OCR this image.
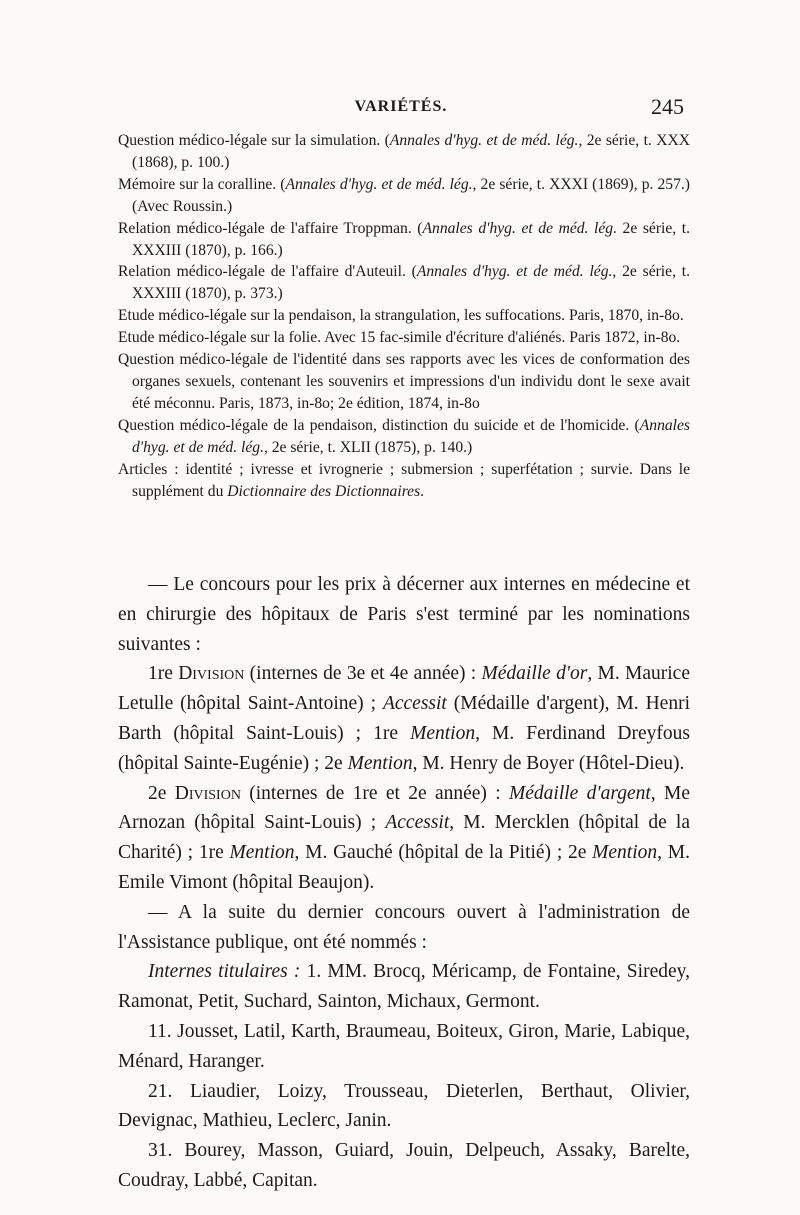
VARIÉTÉS.	245

Question médico-légale sur la simulation. (Annales d'hyg. et de méd. lég., 2e série, t. XXX (1868), p. 100.)

Mémoire sur la coralline. (Annales d'hyg. et de méd. lég., 2e série, t. XXXI (1869), p. 257.) (Avec Roussin.)

Relation médico-légale de l'affaire Troppman. (Annales d'hyg. et de méd. lég. 2e série, t. XXXIII (1870), p. 166.)

Relation médico-légale de l'affaire d'Auteuil. (Annales d'hyg. et de méd. lég., 2e série, t. XXXIII (1870), p. 373.)

Etude médico-légale sur la pendaison, la strangulation, les suffocations. Paris, 1870, in-8o.

Etude médico-légale sur la folie. Avec 15 fac-simile d'écriture d'aliénés. Paris 1872, in-8o.

Question médico-légale de l'identité dans ses rapports avec les vices de conformation des organes sexuels, contenant les souvenirs et impressions d'un individu dont le sexe avait été méconnu. Paris, 1873, in-8o; 2e édition, 1874, in-8o

Question médico-légale de la pendaison, distinction du suicide et de l'homicide. (Annales d'hyg. et de méd. lég., 2e série, t. XLII (1875), p. 140.)

Articles : identité ; ivresse et ivrognerie ; submersion ; superfétation ; survie. Dans le supplément du Dictionnaire des Dictionnaires.

— Le concours pour les prix à décerner aux internes en médecine et en chirurgie des hôpitaux de Paris s'est terminé par les nominations suivantes :

1re Division (internes de 3e et 4e année) : Médaille d'or, M. Maurice Letulle (hôpital Saint-Antoine) ; Accessit (Médaille d'argent), M. Henri Barth (hôpital Saint-Louis) ; 1re Mention, M. Ferdinand Dreyfous (hôpital Sainte-Eugénie) ; 2e Mention, M. Henry de Boyer (Hôtel-Dieu).

2e Division (internes de 1re et 2e année) : Médaille d'argent, Me Arnozan (hôpital Saint-Louis) ; Accessit, M. Mercklen (hôpital de la Charité) ; 1re Mention, M. Gauché (hôpital de la Pitié) ; 2e Mention, M. Emile Vimont (hôpital Beaujon).

— A la suite du dernier concours ouvert à l'administration de l'Assistance publique, ont été nommés :

Internes titulaires : 1. MM. Brocq, Méricamp, de Fontaine, Siredey, Ramonat, Petit, Suchard, Sainton, Michaux, Germont.

11. Jousset, Latil, Karth, Braumeau, Boiteux, Giron, Marie, Labique, Ménard, Haranger.

21. Liaudier, Loizy, Trousseau, Dieterlen, Berthaut, Olivier, Devignac, Mathieu, Leclerc, Janin.

31. Bourey, Masson, Guiard, Jouin, Delpeuch, Assaky, Barelte, Coudray, Labbé, Capitan.
